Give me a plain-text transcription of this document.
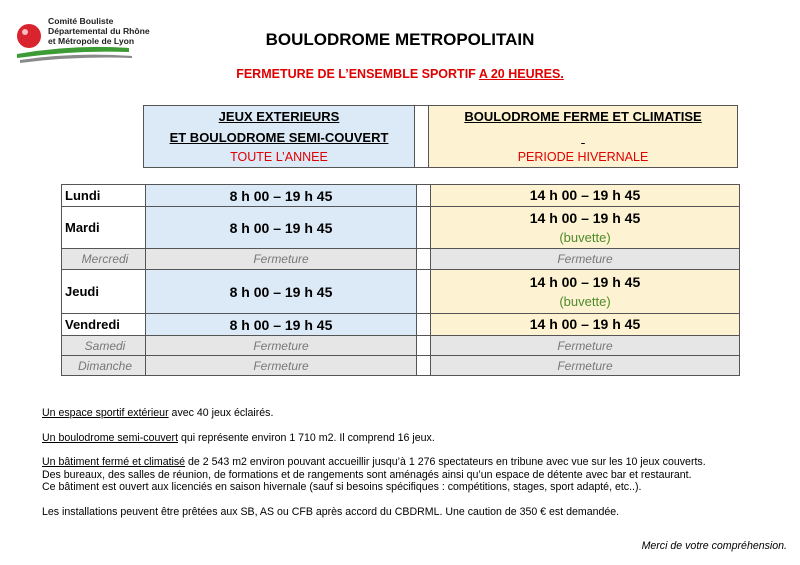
Comité Bouliste
Départemental du Rhône
et Métropole de Lyon	BOULODROME METROPOLITAIN
FERMETURE DE L’ENSEMBLE SPORTIF A 20 HEURES.
JEUX EXTERIEURS
ET BOULODROME SEMI-COUVERT
TOUTE L’ANNEE

BOULODROME FERME ET CLIMATISE

PERIODE HIVERNALE
Lundi	8 h 00 – 19 h 45		14 h 00 – 19 h 45
Mardi	8 h 00 – 19 h 45		14 h 00 – 19 h 45
(buvette)

Mercredi	Fermeture		Fermeture
Jeudi	8 h 00 – 19 h 45		14 h 00 – 19 h 45
(buvette)

Vendredi	8 h 00 – 19 h 45		14 h 00 – 19 h 45
Samedi	Fermeture		Fermeture
Dimanche	Fermeture		Fermeture

Un espace sportif extérieur avec 40 jeux éclairés.

Un boulodrome semi-couvert qui représente environ 1 710 m2. Il comprend 16 jeux.

Un bâtiment fermé et climatisé de 2 543 m2 environ pouvant accueillir jusqu’à 1 276 spectateurs en tribune avec vue sur les 10 jeux couverts.

Des bureaux, des salles de réunion, de formations et de rangements sont aménagés ainsi qu’un espace de détente avec bar et restaurant.

Ce bâtiment est ouvert aux licenciés en saison hivernale (sauf si besoins spécifiques : compétitions, stages, sport adapté, etc..).

Les installations peuvent être prêtées aux SB, AS ou CFB après accord du CBDRML. Une caution de 350 € est demandée.

Merci de votre compréhension.
